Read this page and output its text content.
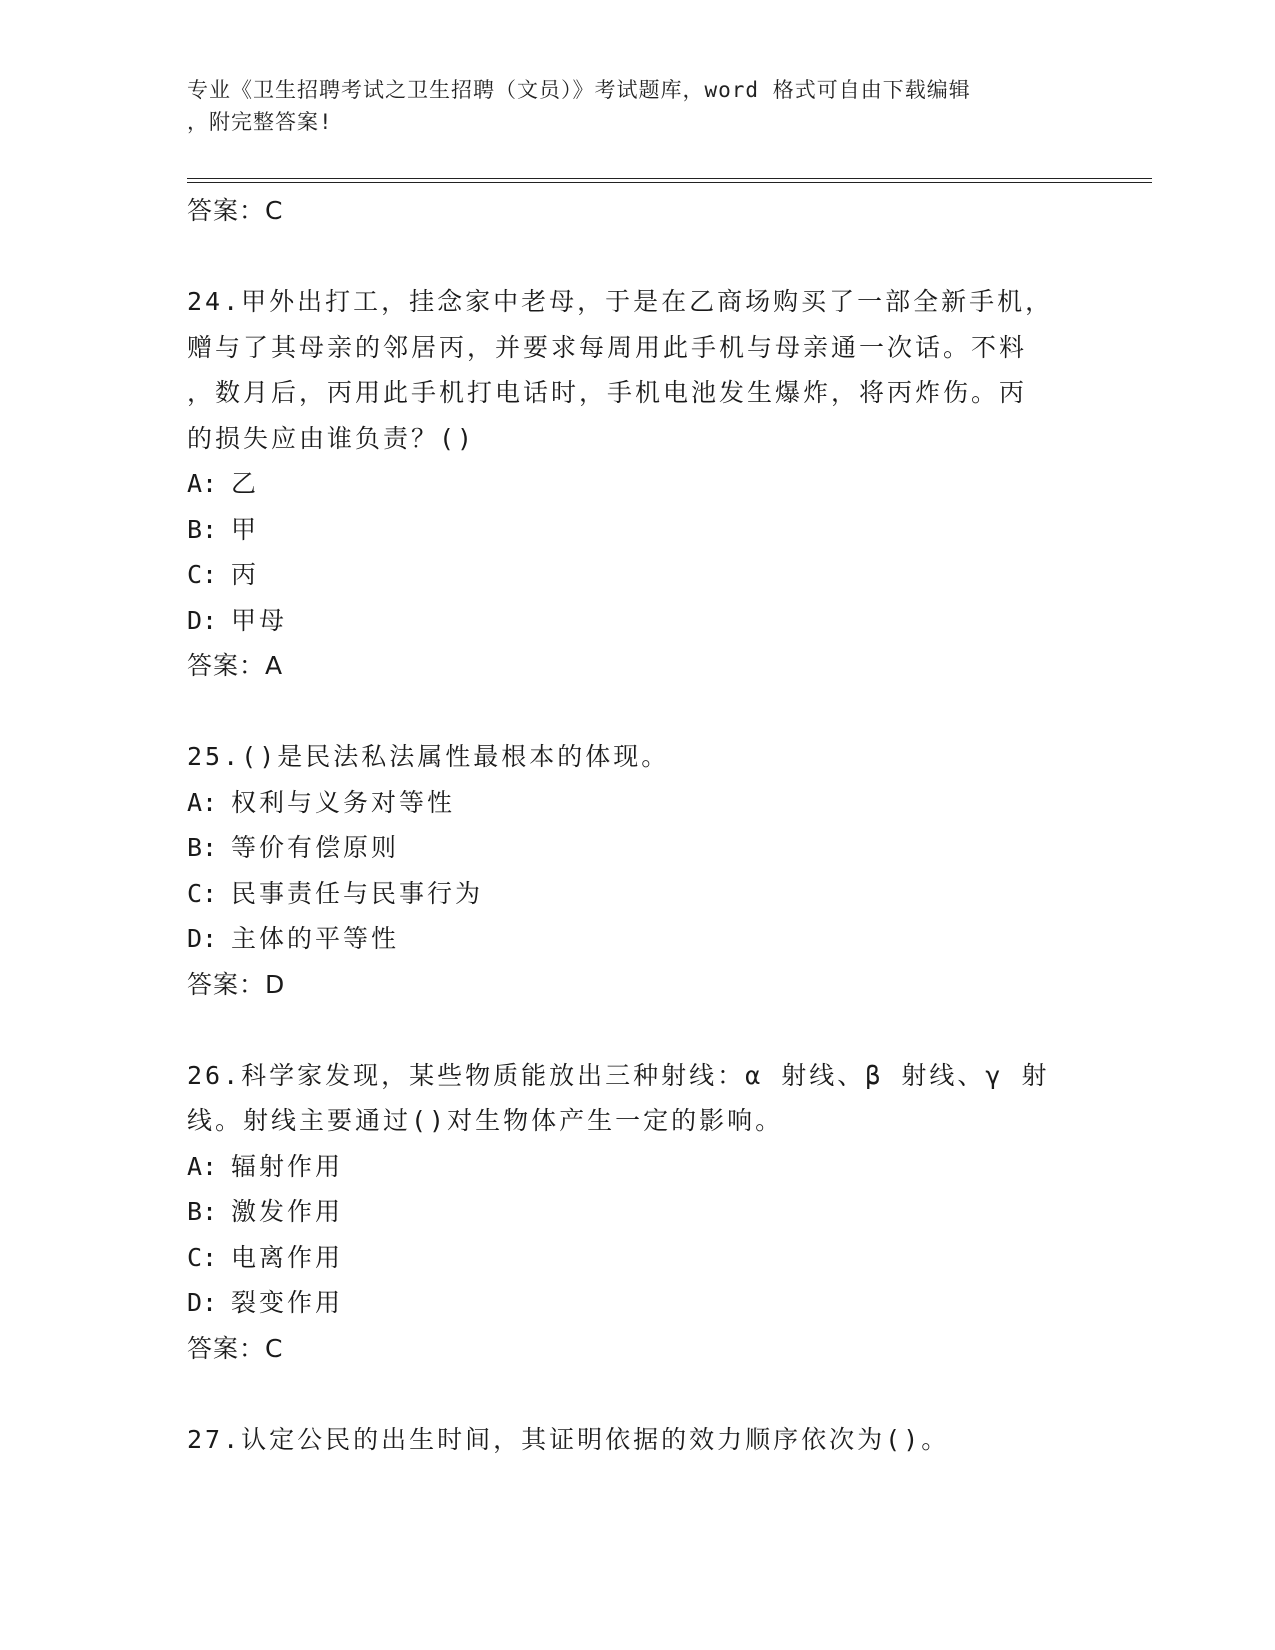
专业《卫生招聘考试之卫生招聘（文员）》考试题库，word 格式可自由下载编辑
，附完整答案!
答案：C
24.甲外出打工，挂念家中老母，于是在乙商场购买了一部全新手机，
赠与了其母亲的邻居丙，并要求每周用此手机与母亲通一次话。不料
，数月后，丙用此手机打电话时，手机电池发生爆炸，将丙炸伤。丙
的损失应由谁负责？()
A: 乙
B: 甲
C: 丙
D: 甲母
答案：A
25.()是民法私法属性最根本的体现。
A: 权利与义务对等性
B: 等价有偿原则
C: 民事责任与民事行为
D: 主体的平等性
答案：D
26.科学家发现，某些物质能放出三种射线：α 射线、β 射线、γ 射
线。射线主要通过()对生物体产生一定的影响。
A: 辐射作用
B: 激发作用
C: 电离作用
D: 裂变作用
答案：C
27.认定公民的出生时间，其证明依据的效力顺序依次为()。
